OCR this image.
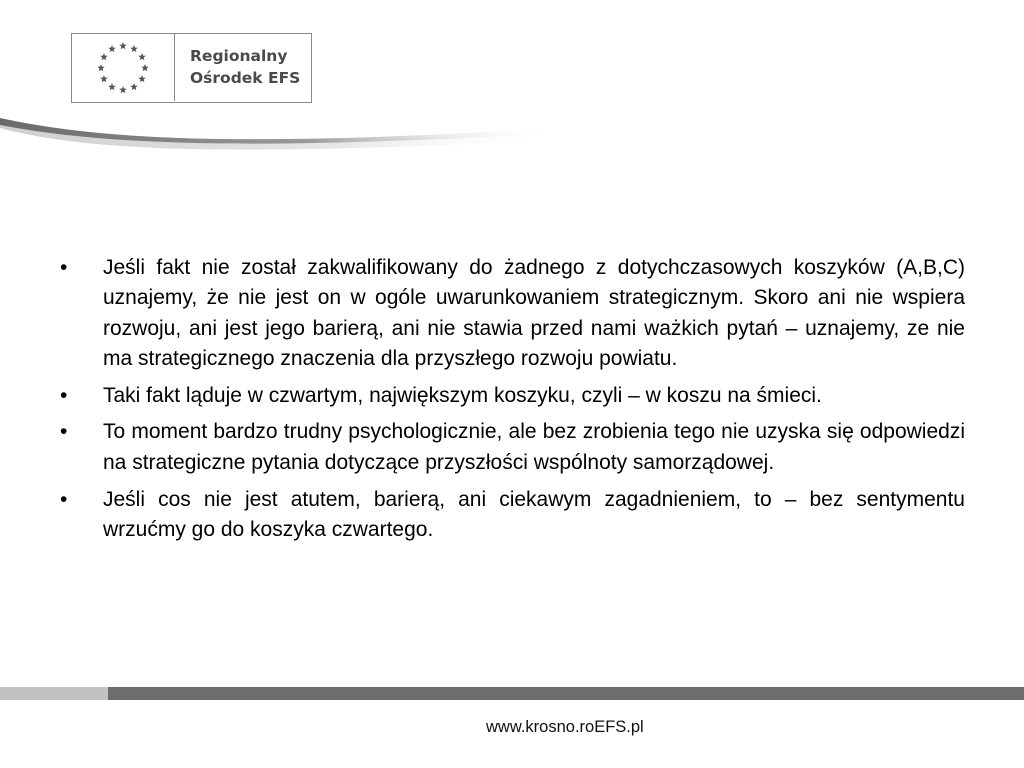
Regionalny
Ośrodek EFS
•	Jeśli fakt nie został zakwalifikowany do żadnego z dotychczasowych koszyków (A,B,C) uznajemy, że nie jest on w ogóle uwarunkowaniem strategicznym. Skoro ani nie wspiera rozwoju, ani jest jego barierą, ani nie stawia przed nami ważkich pytań – uznajemy, ze nie ma strategicznego znaczenia dla przyszłego rozwoju powiatu.
•	Taki fakt ląduje w czwartym, największym koszyku, czyli – w koszu na śmieci.
•	To moment bardzo trudny psychologicznie, ale bez zrobienia tego nie uzyska się odpowiedzi na strategiczne pytania dotyczące przyszłości wspólnoty samorządowej.
•	Jeśli cos nie jest atutem, barierą, ani ciekawym zagadnieniem, to – bez sentymentu wrzućmy go do koszyka czwartego.
www.krosno.roEFS.pl
